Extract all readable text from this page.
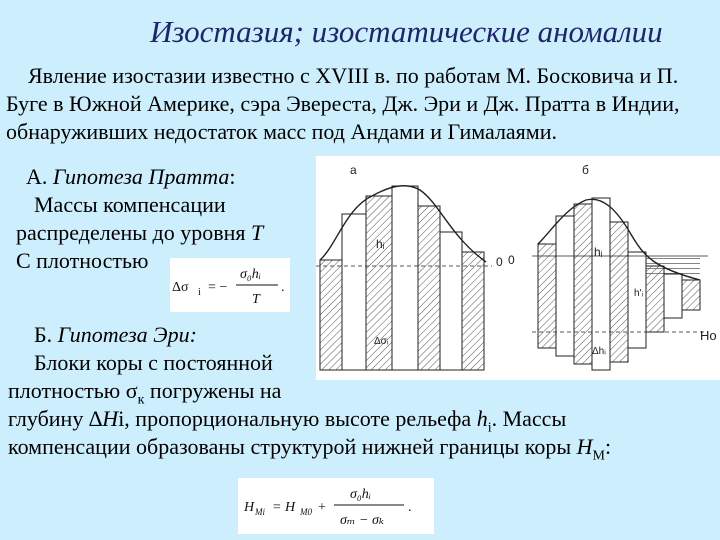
Изостазия; изостатические аномалии

Явление изостазии известно с XVIII в. по работам М. Босковича и П. Буге в Южной Америке, сэра Эвереста, Дж. Эри и Дж. Пратта в Индии, обнаруживших недостаток масс под Андами и Гималаями.

А. Гипотеза Пратта:

Массы компенсации

распределены до уровня T

С плотностью

Δσ i = −
σ₀hᵢ
T
.

Б. Гипотеза Эри:

Блоки коры с постоянной

плотностью $\sigma_к$ погружены на

глубину ∆Hi, пропорциональную высоте рельефа $h_i$. Массы

компенсации образованы структурой нижней границы коры $H_M$:

H Mi = H M0 +
σ₀hᵢ
σₘ − σₖ
.
а
hᵢ
0
Δσᵢ
б
hᵢ
0
h'ᵢ
Δhᵢ
Ho
